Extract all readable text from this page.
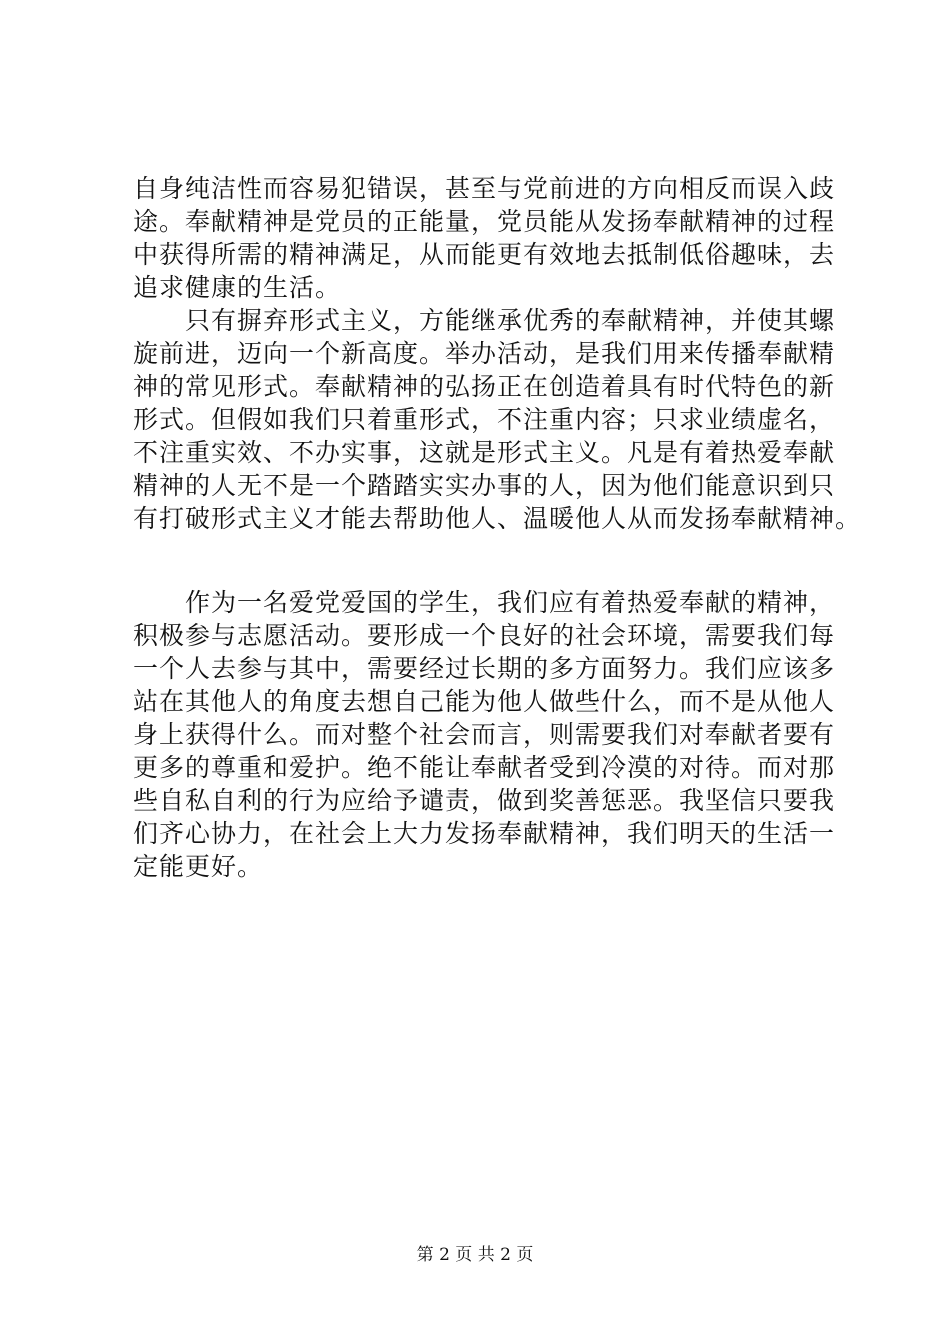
自身纯洁性而容易犯错误，甚至与党前进的方向相反而误入歧
途。奉献精神是党员的正能量，党员能从发扬奉献精神的过程
中获得所需的精神满足，从而能更有效地去抵制低俗趣味，去
追求健康的生活。
　　只有摒弃形式主义，方能继承优秀的奉献精神，并使其螺
旋前进，迈向一个新高度。举办活动，是我们用来传播奉献精
神的常见形式。奉献精神的弘扬正在创造着具有时代特色的新
形式。但假如我们只着重形式，不注重内容；只求业绩虚名，
不注重实效、不办实事，这就是形式主义。凡是有着热爱奉献
精神的人无不是一个踏踏实实办事的人，因为他们能意识到只
有打破形式主义才能去帮助他人、温暖他人从而发扬奉献精神。
　　作为一名爱党爱国的学生，我们应有着热爱奉献的精神，
积极参与志愿活动。要形成一个良好的社会环境，需要我们每
一个人去参与其中，需要经过长期的多方面努力。我们应该多
站在其他人的角度去想自己能为他人做些什么，而不是从他人
身上获得什么。而对整个社会而言，则需要我们对奉献者要有
更多的尊重和爱护。绝不能让奉献者受到冷漠的对待。而对那
些自私自利的行为应给予谴责，做到奖善惩恶。我坚信只要我
们齐心协力，在社会上大力发扬奉献精神，我们明天的生活一
定能更好。
第 2 页 共 2 页
